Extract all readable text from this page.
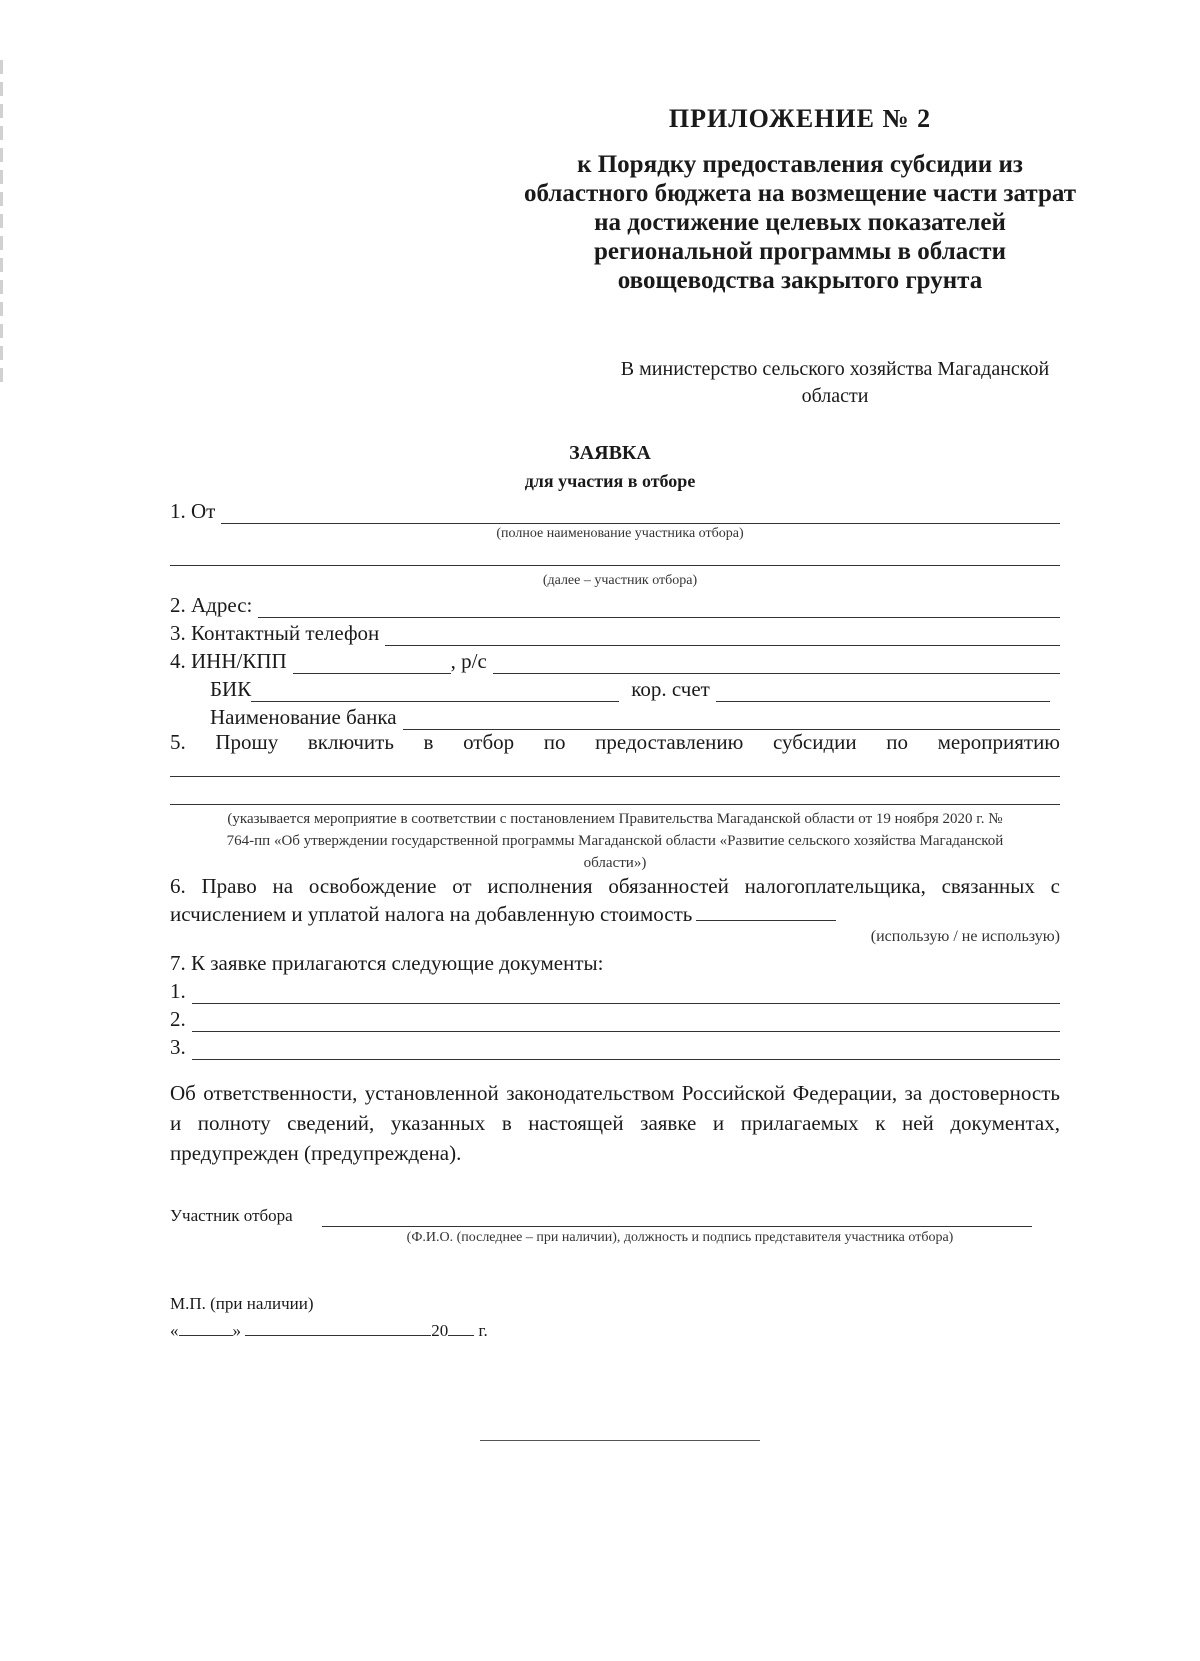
ПРИЛОЖЕНИЕ № 2
к Порядку предоставления субсидии из областного бюджета на возмещение части затрат на достижение целевых показателей региональной программы в области овощеводства закрытого грунта
В министерство сельского хозяйства Магаданской области
ЗАЯВКА
для участия в отборе
1. От
(полное наименование участника отбора)
(далее – участник отбора)
2. Адрес:
3. Контактный телефон
4. ИНН/КПП	, р/с
БИК	кор. счет
Наименование банка
5. Прошу включить в отбор по предоставлению субсидии по мероприятию
(указывается мероприятие в соответствии с постановлением Правительства Магаданской области от 19 ноября 2020 г. № 764-пп «Об утверждении государственной программы Магаданской области «Развитие сельского хозяйства Магаданской области»)
6. Право на освобождение от исполнения обязанностей налогоплательщика, связанных с исчислением и уплатой налога на добавленную стоимость
(использую / не использую)
7. К заявке прилагаются следующие документы:
1.
2.
3.
Об ответственности, установленной законодательством Российской Федерации, за достоверность и полноту сведений, указанных в настоящей заявке и прилагаемых к ней документах, предупрежден (предупреждена).
Участник отбора
(Ф.И.О. (последнее – при наличии), должность и подпись представителя участника отбора)
М.П. (при наличии)
«	»	20 г.
